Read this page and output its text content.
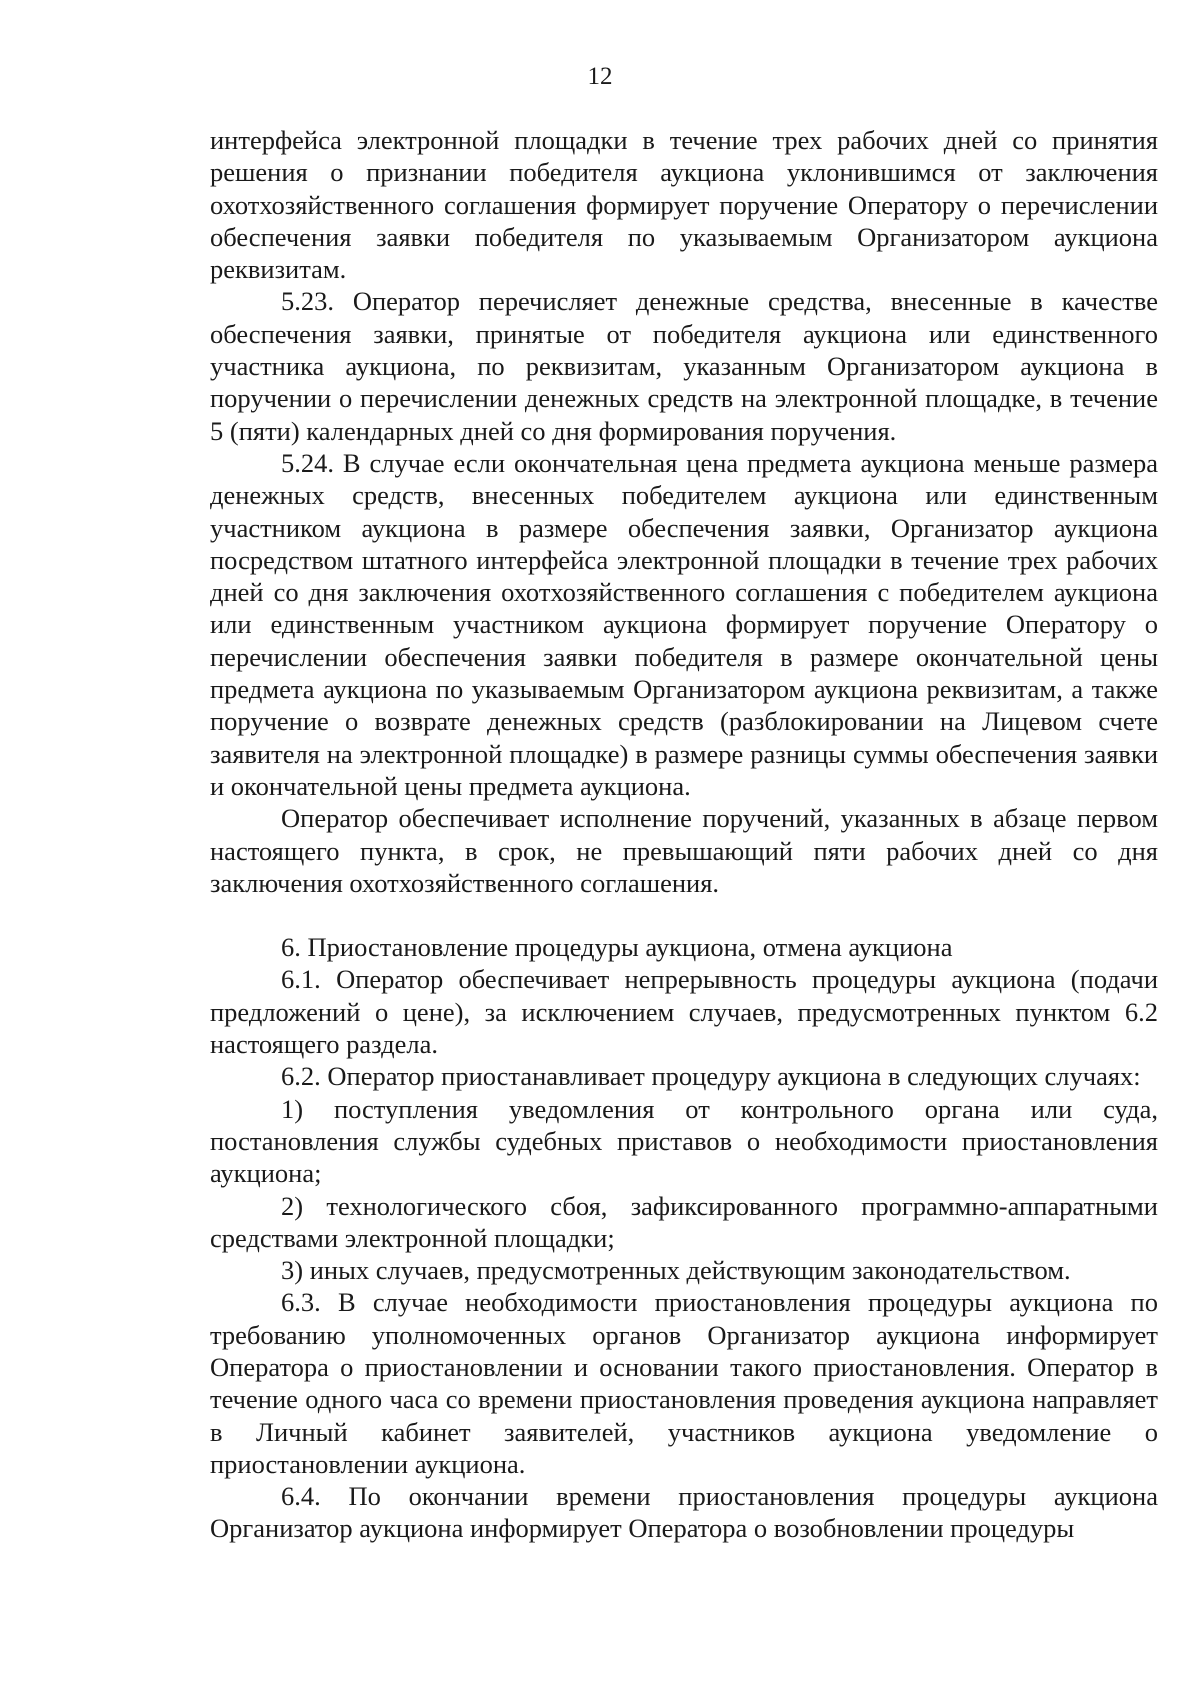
12

интерфейса электронной площадки в течение трех рабочих дней со принятия решения о признании победителя аукциона уклонившимся от заключения охотхозяйственного соглашения формирует поручение Оператору о перечислении обеспечения заявки победителя по указываемым Организатором аукциона реквизитам.

5.23. Оператор перечисляет денежные средства, внесенные в качестве обеспечения заявки, принятые от победителя аукциона или единственного участника аукциона, по реквизитам, указанным Организатором аукциона в поручении о перечислении денежных средств на электронной площадке, в течение 5 (пяти) календарных дней со дня формирования поручения.

5.24. В случае если окончательная цена предмета аукциона меньше размера денежных средств, внесенных победителем аукциона или единственным участником аукциона в размере обеспечения заявки, Организатор аукциона посредством штатного интерфейса электронной площадки в течение трех рабочих дней со дня заключения охотхозяйственного соглашения с победителем аукциона или единственным участником аукциона формирует поручение Оператору о перечислении обеспечения заявки победителя в размере окончательной цены предмета аукциона по указываемым Организатором аукциона реквизитам, а также поручение о возврате денежных средств (разблокировании на Лицевом счете заявителя на электронной площадке) в размере разницы суммы обеспечения заявки и окончательной цены предмета аукциона.

Оператор обеспечивает исполнение поручений, указанных в абзаце первом настоящего пункта, в срок, не превышающий пяти рабочих дней со дня заключения охотхозяйственного соглашения.

6. Приостановление процедуры аукциона, отмена аукциона

6.1. Оператор обеспечивает непрерывность процедуры аукциона (подачи предложений о цене), за исключением случаев, предусмотренных пунктом 6.2 настоящего раздела.

6.2. Оператор приостанавливает процедуру аукциона в следующих случаях:

1) поступления уведомления от контрольного органа или суда, постановления службы судебных приставов о необходимости приостановления аукциона;

2) технологического сбоя, зафиксированного программно-аппаратными средствами электронной площадки;

3) иных случаев, предусмотренных действующим законодательством.

6.3. В случае необходимости приостановления процедуры аукциона по требованию уполномоченных органов Организатор аукциона информирует Оператора о приостановлении и основании такого приостановления. Оператор в течение одного часа со времени приостановления проведения аукциона направляет в Личный кабинет заявителей, участников аукциона уведомление о приостановлении аукциона.

6.4. По окончании времени приостановления процедуры аукциона Организатор аукциона информирует Оператора о возобновлении процедуры
